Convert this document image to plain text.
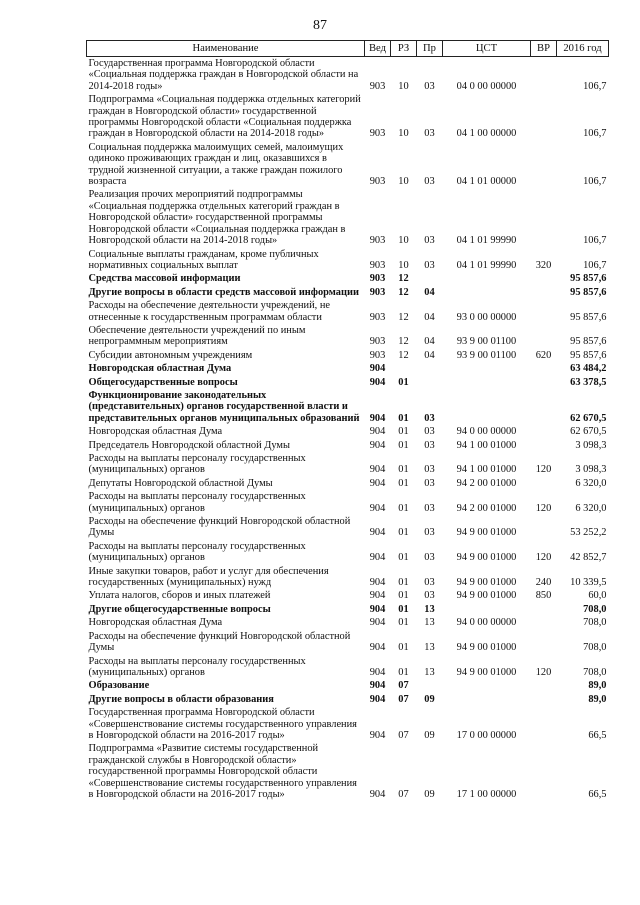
87
Наименование	Вед	РЗ	Пр	ЦСТ	ВР	2016 год
Государственная программа Новгородской области «Социальная поддержка граждан в Новгородской области на 2014-2018 годы»	903	10	03	04 0 00 00000		106,7
Подпрограмма «Социальная поддержка отдельных категорий граждан в Новгородской области» государственной программы Новгородской области «Социальная поддержка граждан в Новгородской области на 2014-2018 годы»	903	10	03	04 1 00 00000		106,7
Социальная поддержка малоимущих семей, малоимущих одиноко проживающих граждан и лиц, оказавшихся в трудной жизненной ситуации, а также граждан пожилого возраста	903	10	03	04 1 01 00000		106,7
Реализация прочих мероприятий подпрограммы «Социальная поддержка отдельных категорий граждан в Новгородской области» государственной программы Новгородской области «Социальная поддержка граждан в Новгородской области на 2014-2018 годы»	903	10	03	04 1 01 99990		106,7
Социальные выплаты гражданам, кроме публичных нормативных социальных выплат	903	10	03	04 1 01 99990	320	106,7
Средства массовой информации	903	12				95 857,6
Другие вопросы в области средств массовой информации	903	12	04			95 857,6
Расходы на обеспечение деятельности учреждений, не отнесенные к государственным программам области	903	12	04	93 0 00 00000		95 857,6
Обеспечение деятельности учреждений по иным непрограммным мероприятиям	903	12	04	93 9 00 01100		95 857,6
Субсидии автономным учреждениям	903	12	04	93 9 00 01100	620	95 857,6
Новгородская областная Дума	904					63 484,2
Общегосударственные вопросы	904	01				63 378,5
Функционирование законодательных (представительных) органов государственной власти и представительных органов муниципальных образований	904	01	03			62 670,5
Новгородская областная Дума	904	01	03	94 0 00 00000		62 670,5
Председатель Новгородской областной Думы	904	01	03	94 1 00 01000		3 098,3
Расходы на выплаты персоналу государственных (муниципальных) органов	904	01	03	94 1 00 01000	120	3 098,3
Депутаты Новгородской областной Думы	904	01	03	94 2 00 01000		6 320,0
Расходы на выплаты персоналу государственных (муниципальных) органов	904	01	03	94 2 00 01000	120	6 320,0
Расходы на обеспечение функций Новгородской областной Думы	904	01	03	94 9 00 01000		53 252,2
Расходы на выплаты персоналу государственных (муниципальных) органов	904	01	03	94 9 00 01000	120	42 852,7
Иные закупки товаров, работ и услуг для обеспечения государственных (муниципальных) нужд	904	01	03	94 9 00 01000	240	10 339,5
Уплата налогов, сборов и иных платежей	904	01	03	94 9 00 01000	850	60,0
Другие общегосударственные вопросы	904	01	13			708,0
Новгородская областная Дума	904	01	13	94 0 00 00000		708,0
Расходы на обеспечение функций Новгородской областной Думы	904	01	13	94 9 00 01000		708,0
Расходы на выплаты персоналу государственных (муниципальных) органов	904	01	13	94 9 00 01000	120	708,0
Образование	904	07				89,0
Другие вопросы в области образования	904	07	09			89,0
Государственная программа Новгородской области «Совершенствование системы государственного управления в Новгородской области на 2016-2017 годы»	904	07	09	17 0 00 00000		66,5
Подпрограмма «Развитие системы государственной гражданской службы в Новгородской области» государственной программы Новгородской области «Совершенствование системы государственного управления в Новгородской области на 2016-2017 годы»	904	07	09	17 1 00 00000		66,5
